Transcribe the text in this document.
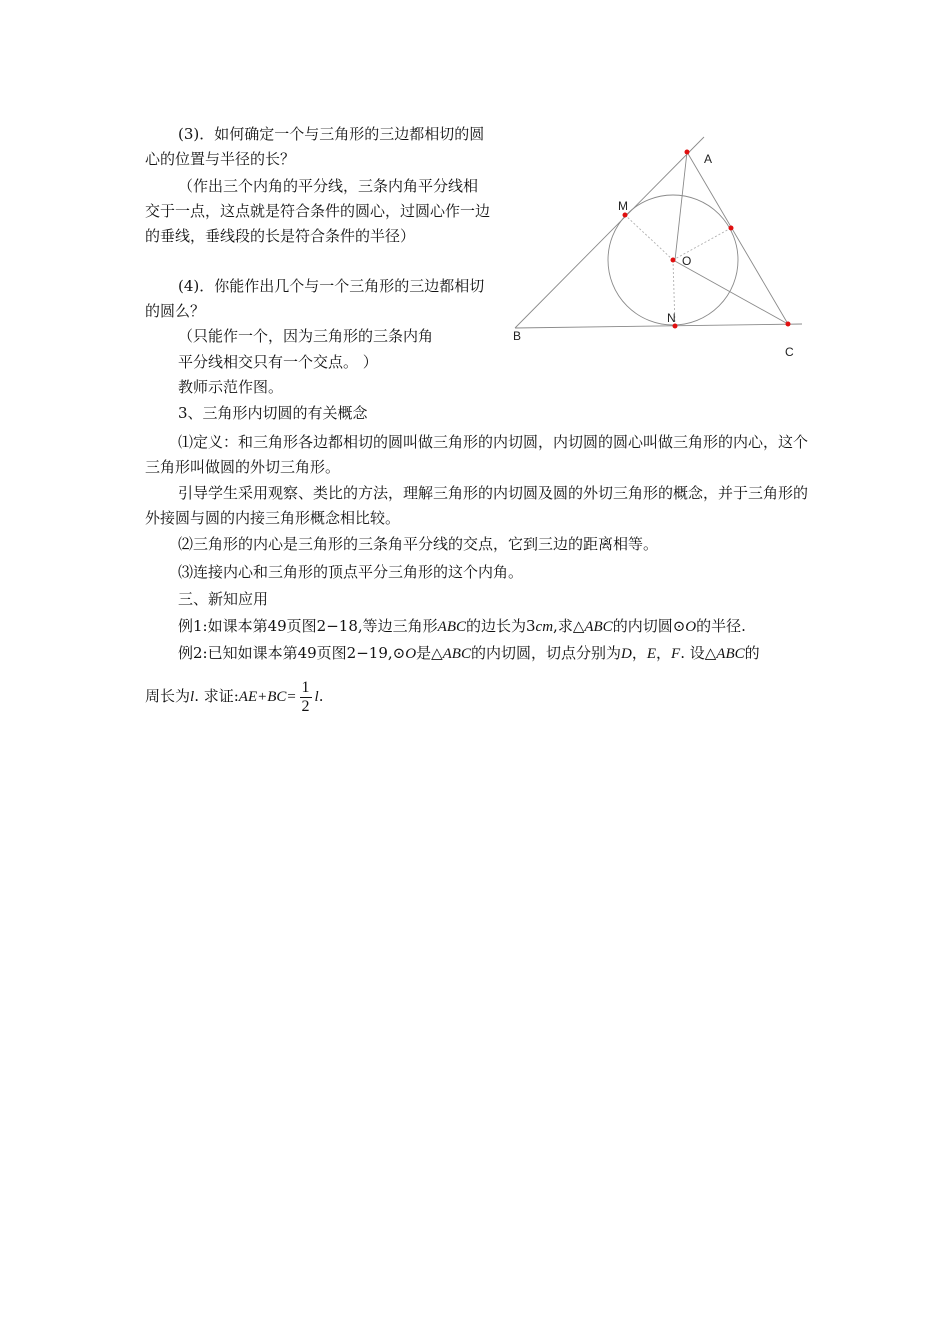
(3)．如何确定一个与三角形的三边都相切的圆心的位置与半径的长？

（作出三个内角的平分线，三条内角平分线相交于一点，这点就是符合条件的圆心，过圆心作一边的垂线，垂线段的长是符合条件的半径）

(4)．你能作出几个与一个三角形的三边都相切的圆么？

（只能作一个，因为三角形的三条内角

平分线相交只有一个交点。 ）

教师示范作图。

3、三角形内切圆的有关概念

⑴定义：和三角形各边都相切的圆叫做三角形的内切圆，内切圆的圆心叫做三角形的内心，这个三角形叫做圆的外切三角形。

引导学生采用观察、类比的方法，理解三角形的内切圆及圆的外切三角形的概念，并于三角形的外接圆与圆的内接三角形概念相比较。

⑵三角形的内心是三角形的三条角平分线的交点，它到三边的距离相等。

⑶连接内心和三角形的顶点平分三角形的这个内角。

三、新知应用

例1:如课本第49页图2−18,等边三角形ABC的边长为3cm,求△ABC的内切圆⊙O的半径.

例2:已知如课本第49页图2−19,⊙O是△ABC的内切圆，切点分别为D，E，F. 设△ABC的

周长为l. 求证:AE+BC= $\frac{1}{2} l$.

A
B
C
M
N
O
